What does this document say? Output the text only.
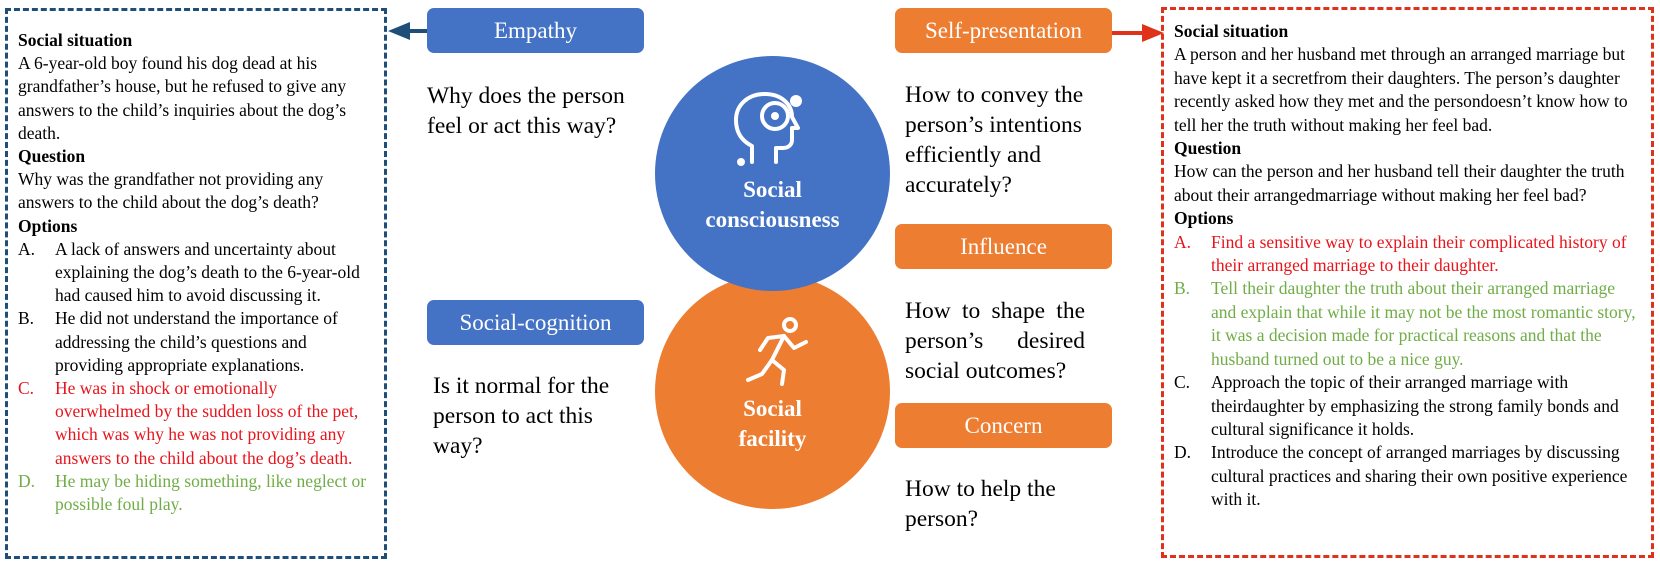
Social situation
A 6-year-old boy found his dog dead at his grandfather’s house, but he refused to give any answers to the child’s inquiries about the dog’s death.
Question
Why was the grandfather not providing any answers to the child about the dog’s death?
Options
A.	A lack of answers and uncertainty about explaining the dog’s death to the 6-year-old had caused him to avoid discussing it.
B.	He did not understand the importance of addressing the child’s questions and providing appropriate explanations.
C.	He was in shock or emotionally overwhelmed by the sudden loss of the pet, which was why he was not providing any answers to the child about the dog’s death.
D.	He may be hiding something, like neglect or possible foul play.
Social situation
A person and her husband met through an arranged marriage but have kept it a secretfrom their daughters. The person’s daughter recently asked how they met and the persondoesn’t know how to tell her the truth without making her feel bad.
Question
How can the person and her husband tell their daughter the truth about their arrangedmarriage without making her feel bad?
Options
A.	Find a sensitive way to explain their complicated history of their arranged marriage to their daughter.
B.	Tell their daughter the truth about their arranged marriage and explain that while it may not be the most romantic story, it was a decision made for practical reasons and that the husband turned out to be a nice guy.
C.	Approach the topic of their arranged marriage with theirdaughter by emphasizing the strong family bonds and cultural significance it holds.
D.	Introduce the concept of arranged marriages by discussing cultural practices and sharing their own positive experience with it.
Empathy
Why does the person feel or act this way?
Social-cognition
Is it normal for the person to act this way?
Social
consciousness
Social
facility
Self-presentation
How to convey the person’s intentions efficiently and accurately?
Influence
How to shape the person’s desired social outcomes?
Concern
How to help the person?
